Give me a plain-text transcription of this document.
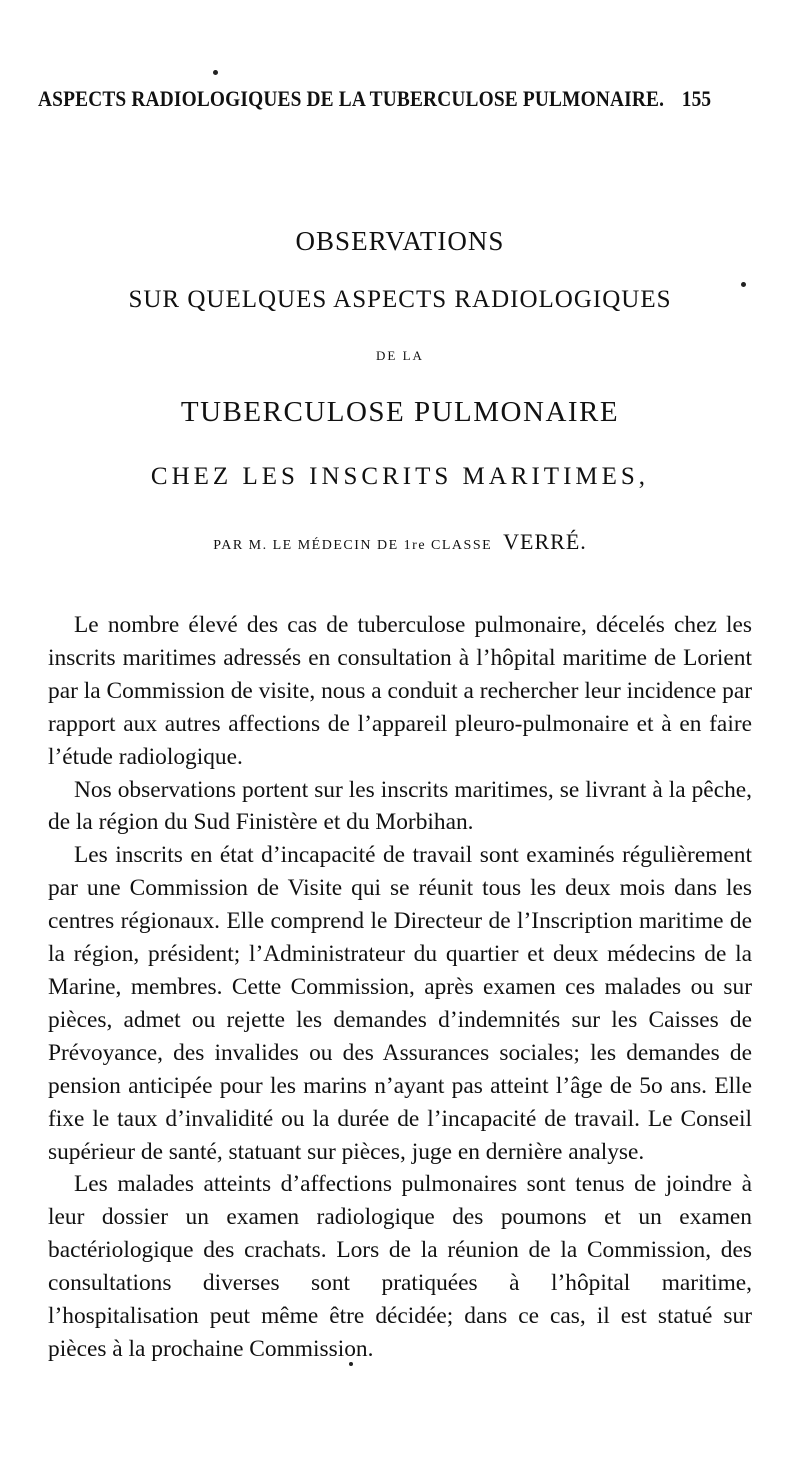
ASPECTS RADIOLOGIQUES DE LA TUBERCULOSE PULMONAIRE. 155
OBSERVATIONS
SUR QUELQUES ASPECTS RADIOLOGIQUES
DE LA
TUBERCULOSE PULMONAIRE
CHEZ LES INSCRITS MARITIMES,
PAR M. LE MÉDECIN DE 1re CLASSE VERRÉ.

Le nombre élevé des cas de tuberculose pulmonaire, décelés chez les inscrits maritimes adressés en consultation à l’hôpital maritime de Lorient par la Commission de visite, nous a conduit a rechercher leur incidence par rapport aux autres affections de l’appareil pleuro-pulmonaire et à en faire l’étude radiologique.

Nos observations portent sur les inscrits maritimes, se livrant à la pêche, de la région du Sud Finistère et du Morbihan.

Les inscrits en état d’incapacité de travail sont examinés régulièrement par une Commission de Visite qui se réunit tous les deux mois dans les centres régionaux. Elle comprend le Directeur de l’Inscription maritime de la région, président; l’Administrateur du quartier et deux médecins de la Marine, membres. Cette Commission, après examen ces malades ou sur pièces, admet ou rejette les demandes d’indemnités sur les Caisses de Prévoyance, des invalides ou des Assurances sociales; les demandes de pension anticipée pour les marins n’ayant pas atteint l’âge de 5o ans. Elle fixe le taux d’invalidité ou la durée de l’incapacité de travail. Le Conseil supérieur de santé, statuant sur pièces, juge en dernière analyse.

Les malades atteints d’affections pulmonaires sont tenus de joindre à leur dossier un examen radiologique des poumons et un examen bactériologique des crachats. Lors de la réunion de la Commission, des consultations diverses sont pratiquées à l’hôpital maritime, l’hospitalisation peut même être décidée; dans ce cas, il est statué sur pièces à la prochaine Commission.
